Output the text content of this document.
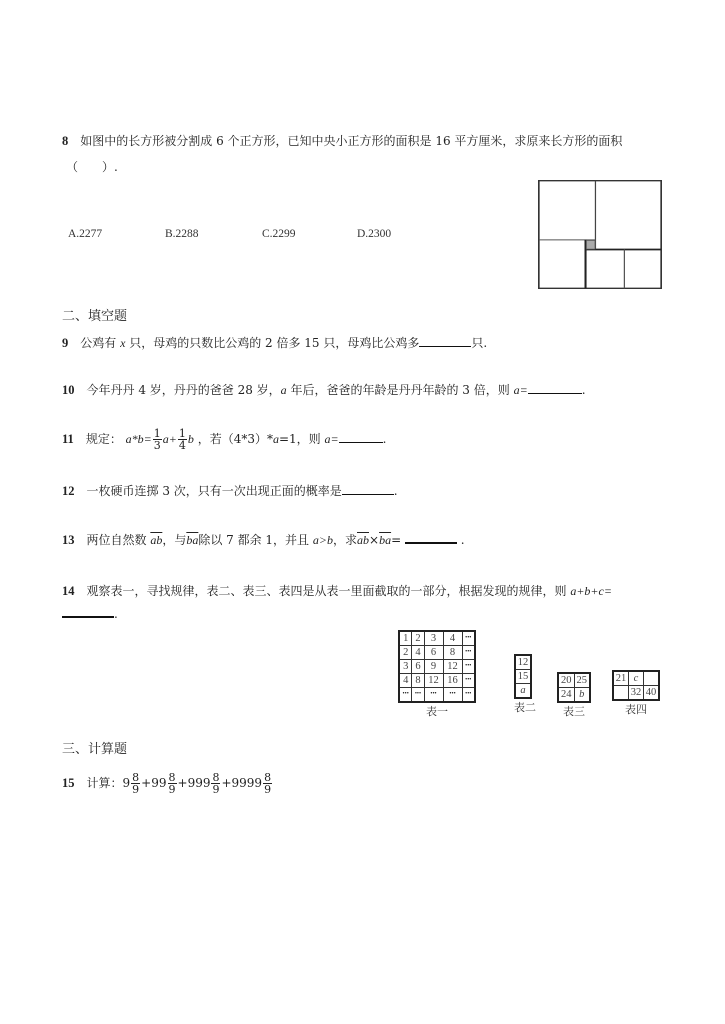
8 如图中的长方形被分割成 6 个正方形，已知中央小正方形的面积是 16 平方厘米，求原来长方形的面积
（　　）.
A.2277	B.2288	C.2299	D.2300
二、填空题
9 公鸡有 x 只，母鸡的只数比公鸡的 2 倍多 15 只，母鸡比公鸡多	只.
10 今年丹丹 4 岁，丹丹的爸爸 28 岁，a 年后，爸爸的年龄是丹丹年龄的 3 倍，则 a=	.
11 规定： $a*b= \frac{1}{3} a+ \frac{1}{4}$ b ，若（4*3）*a=1，则 a=	.
12 一枚硬币连掷 3 次，只有一次出现正面的概率是	.
13 两位自然数 $\overline{ab}$，与$\overline{ba}$除以 7 都余 1，并且 a>b，求$\overline{ab}\times\overline{ba}=$	.
14 观察表一，寻找规律，表二、表三、表四是从表一里面截取的一部分，根据发现的规律，则 a+b+c=
.
1	2	3	4	•••
2	4	6	8	•••
3	6	9	12	•••
4	8	12	16	•••
•••	•••	•••	•••	•••
表一
12
15
a
表二
20	25
24	b
表三
21	c	
	32	40
表四
三、计算题
15 计算：$9 \frac{8}{9} +99 \frac{8}{9} +999 \frac{8}{9} +9999 \frac{8}{9}$
